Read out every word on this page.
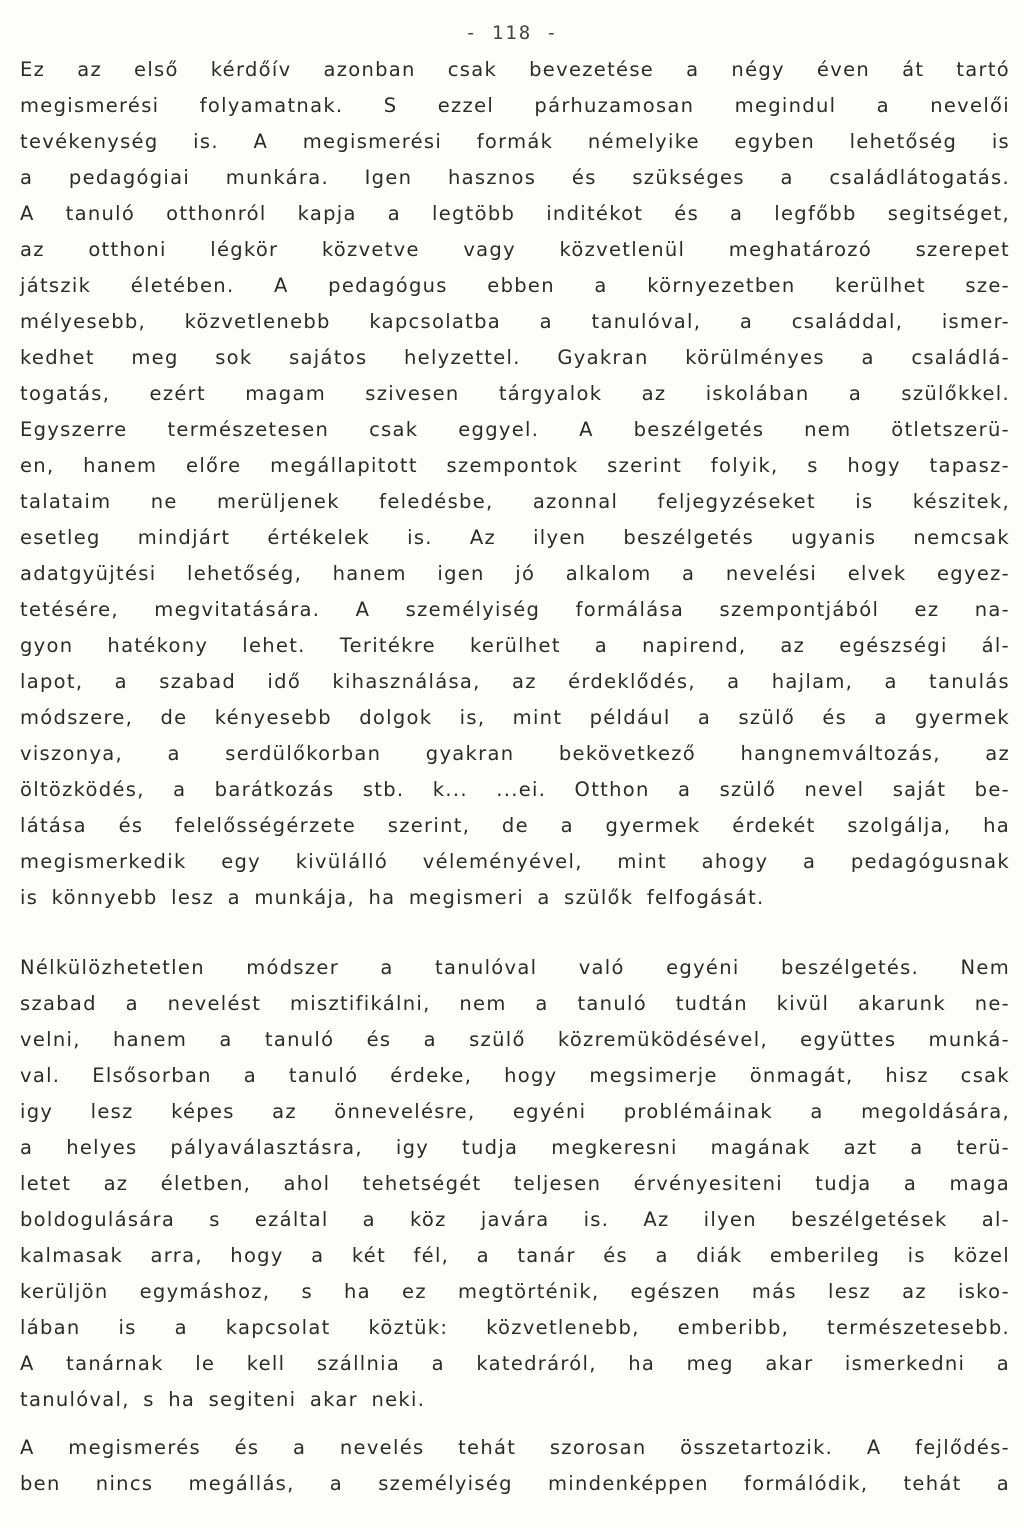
- 118 -
Ez az első kérdőív azonban csak bevezetése a négy éven át tartó
megismerési folyamatnak. S ezzel párhuzamosan megindul a nevelői
tevékenység is. A megismerési formák némelyike egyben lehetőség is
a pedagógiai munkára. Igen hasznos és szükséges a családlátogatás.
A tanuló otthonról kapja a legtöbb inditékot és a legfőbb segitséget,
az otthoni légkör közvetve vagy közvetlenül meghatározó szerepet
játszik életében. A pedagógus ebben a környezetben kerülhet sze-
mélyesebb, közvetlenebb kapcsolatba a tanulóval, a családdal, ismer-
kedhet meg sok sajátos helyzettel. Gyakran körülményes a családlá-
togatás, ezért magam szivesen tárgyalok az iskolában a szülőkkel.
Egyszerre természetesen csak eggyel. A beszélgetés nem ötletszerü-
en, hanem előre megállapitott szempontok szerint folyik, s hogy tapasz-
talataim ne merüljenek feledésbe, azonnal feljegyzéseket is készitek,
esetleg mindjárt értékelek is. Az ilyen beszélgetés ugyanis nemcsak
adatgyüjtési lehetőség, hanem igen jó alkalom a nevelési elvek egyez-
tetésére, megvitatására. A személyiség formálása szempontjából ez na-
gyon hatékony lehet. Teritékre kerülhet a napirend, az egészségi ál-
lapot, a szabad idő kihasználása, az érdeklődés, a hajlam, a tanulás
módszere, de kényesebb dolgok is, mint például a szülő és a gyermek
viszonya, a serdülőkorban gyakran bekövetkező hangnemváltozás, az
öltözködés, a barátkozás stb. k... ...ei. Otthon a szülő nevel saját be-
látása és felelősségérzete szerint, de a gyermek érdekét szolgálja, ha
megismerkedik egy kivülálló véleményével, mint ahogy a pedagógusnak
is könnyebb lesz a munkája, ha megismeri a szülők felfogását.
Nélkülözhetetlen módszer a tanulóval való egyéni beszélgetés. Nem
szabad a nevelést misztifikálni, nem a tanuló tudtán kivül akarunk ne-
velni, hanem a tanuló és a szülő közremüködésével, együttes munká-
val. Elsősorban a tanuló érdeke, hogy megsimerje önmagát, hisz csak
igy lesz képes az önnevelésre, egyéni problémáinak a megoldására,
a helyes pályaválasztásra, igy tudja megkeresni magának azt a terü-
letet az életben, ahol tehetségét teljesen érvényesiteni tudja a maga
boldogulására s ezáltal a köz javára is. Az ilyen beszélgetések al-
kalmasak arra, hogy a két fél, a tanár és a diák emberileg is közel
kerüljön egymáshoz, s ha ez megtörténik, egészen más lesz az isko-
lában is a kapcsolat köztük: közvetlenebb, emberibb, természetesebb.
A tanárnak le kell szállnia a katedráról, ha meg akar ismerkedni a
tanulóval, s ha segiteni akar neki.
A megismerés és a nevelés tehát szorosan összetartozik. A fejlődés-
ben nincs megállás, a személyiség mindenképpen formálódik, tehát a
